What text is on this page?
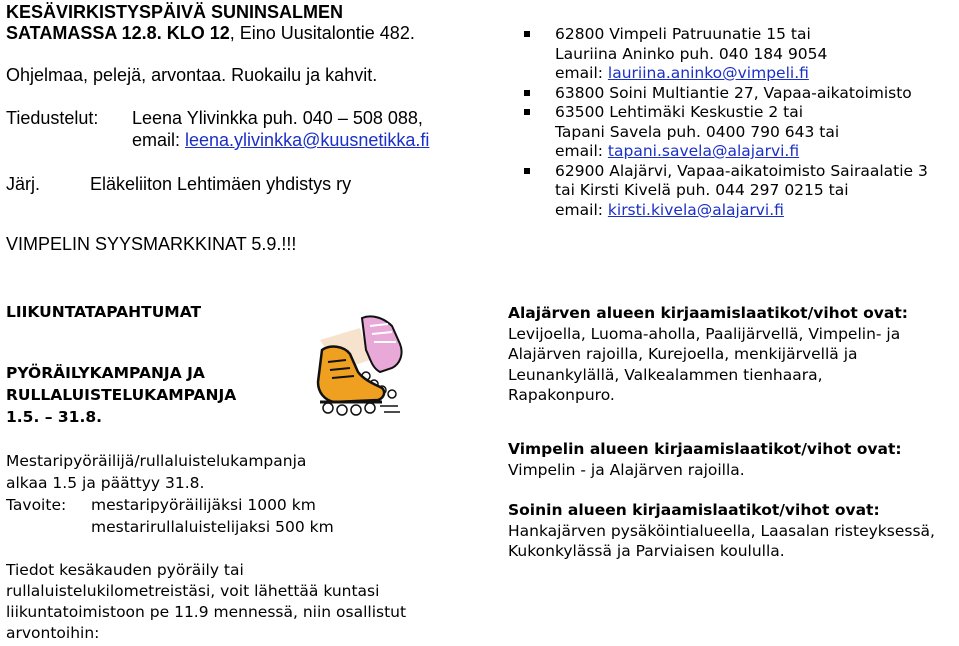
KESÄVIRKISTYSPÄIVÄ SUNINSALMEN
SATAMASSA 12.8. KLO 12, Eino Uusitalontie 482.
Ohjelmaa, pelejä, arvontaa. Ruokailu ja kahvit.
Tiedustelut: Leena Ylivinkka puh. 040 – 508 088,
email: leena.ylivinkka@kuusnetikka.fi
Järj.	Eläkeliiton Lehtimäen yhdistys ry
VIMPELIN SYYSMARKKINAT 5.9.!!!
62800 Vimpeli Patruunatie 15 tai
Lauriina Aninko puh. 040 184 9054
email: lauriina.aninko@vimpeli.fi
63800 Soini Multiantie 27, Vapaa-aikatoimisto
63500 Lehtimäki Keskustie 2 tai
Tapani Savela puh. 0400 790 643 tai
email: tapani.savela@alajarvi.fi
62900 Alajärvi, Vapaa-aikatoimisto Sairaalatie 3
tai Kirsti Kivelä puh. 044 297 0215 tai
email: kirsti.kivela@alajarvi.fi
LIIKUNTATAPAHTUMAT
PYÖRÄILYKAMPANJA JA
RULLALUISTELUKAMPANJA
1.5. – 31.8.
Mestaripyöräilijä/rullaluistelukampanja
alkaa 1.5 ja päättyy 31.8.
Tavoite: mestaripyöräilijäksi 1000 km
mestarirullaluistelijaksi 500 km
Tiedot kesäkauden pyöräily tai
rullaluistelukilometreistäsi, voit lähettää kuntasi
liikuntatoimistoon pe 11.9 mennessä, niin osallistut
arvontoihin:

Alajärven alueen kirjaamislaatikot/vihot ovat:

Levijoella, Luoma-aholla, Paalijärvellä, Vimpelin- ja

Alajärven rajoilla, Kurejoella, menkijärvellä ja

Leunankylällä, Valkealammen tienhaara,

Rapakonpuro.

Vimpelin alueen kirjaamislaatikot/vihot ovat:

Vimpelin - ja Alajärven rajoilla.

Soinin alueen kirjaamislaatikot/vihot ovat:

Hankajärven pysäköintialueella, Laasalan risteyksessä,

Kukonkylässä ja Parviaisen koululla.
